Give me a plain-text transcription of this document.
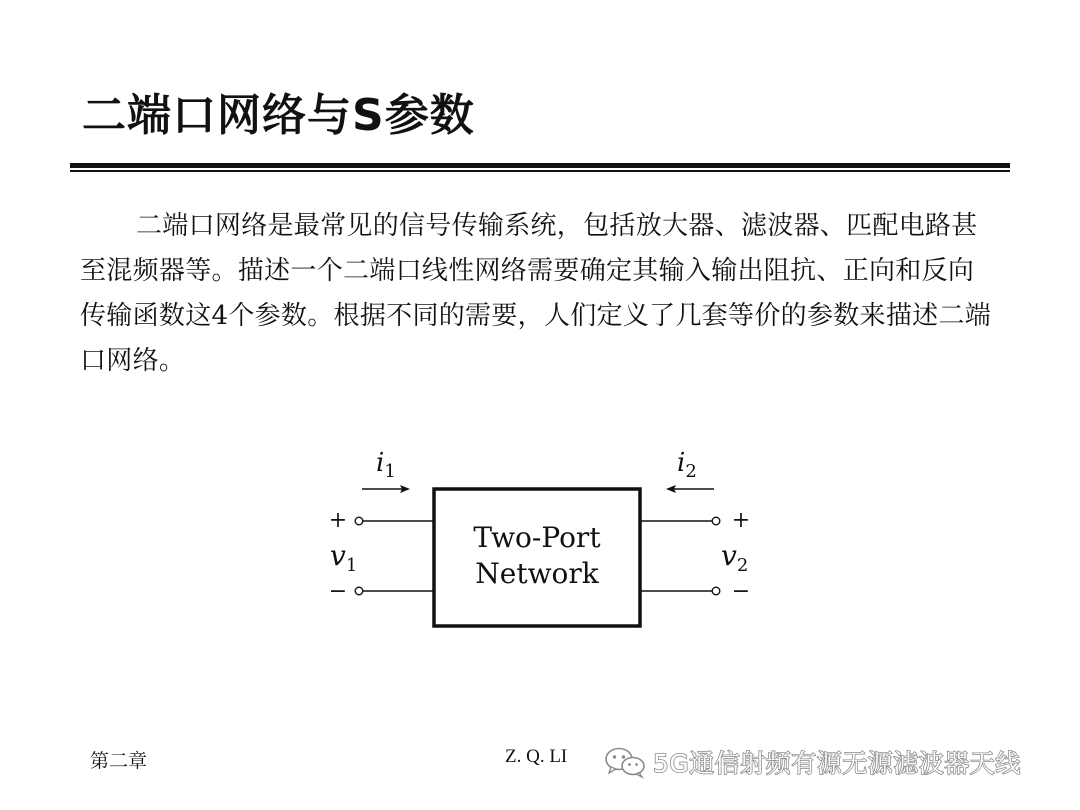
二端口网络与S参数

二端口网络是最常见的信号传输系统，包括放大器、滤波器、匹配电路甚至混频器等。描述一个二端口线性网络需要确定其输入输出阻抗、正向和反向传输函数这4个参数。根据不同的需要，人们定义了几套等价的参数来描述二端口网络。

Two-Port
Network
+
−
+
−
v1	v2
i1	i2
第二章	Z. Q. LI	5G通信射频有源无源滤波器天线
